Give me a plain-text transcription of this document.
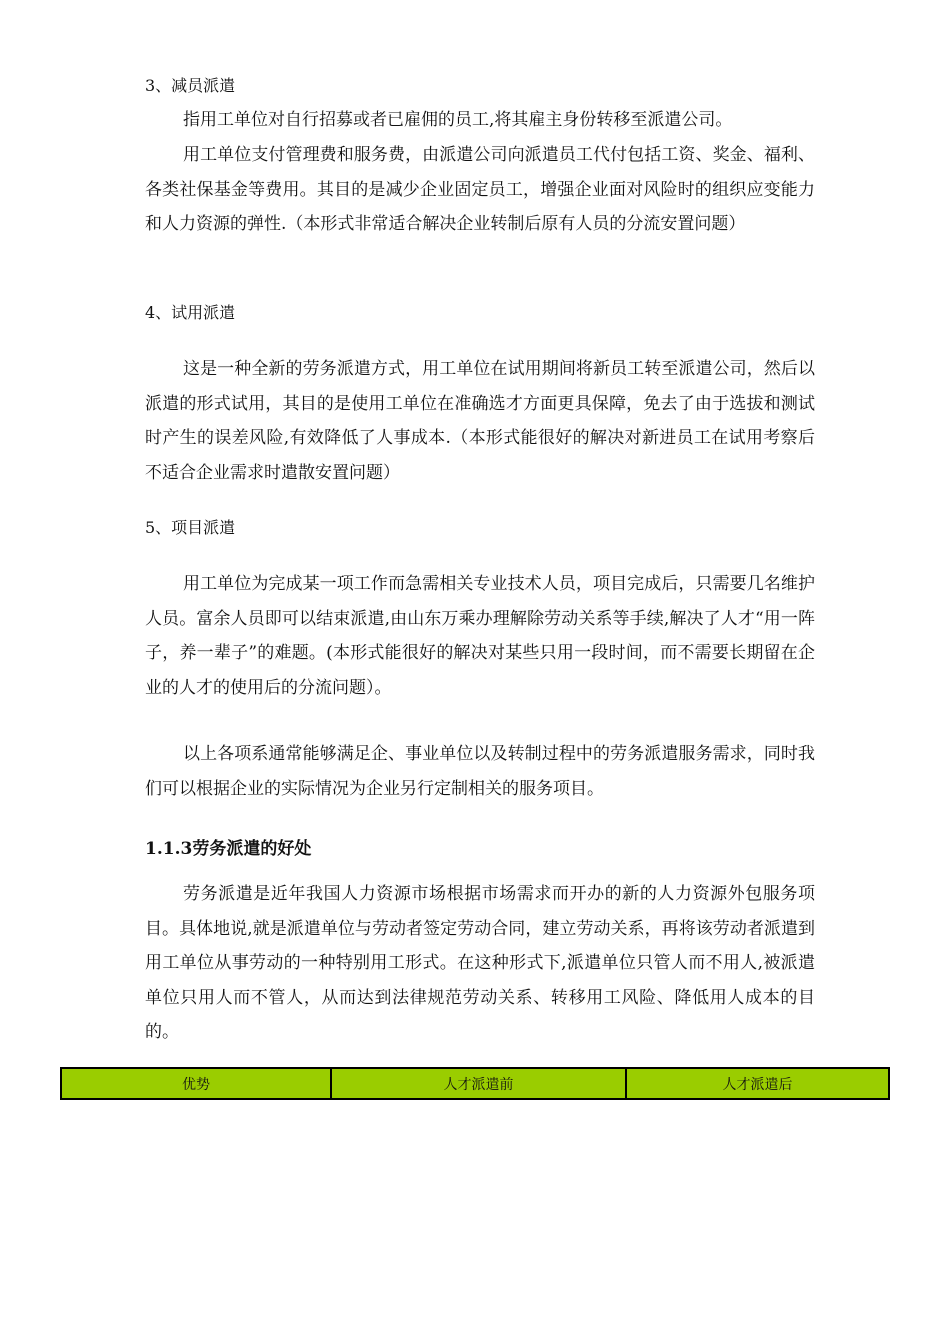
3、减员派遣

指用工单位对自行招募或者已雇佣的员工,将其雇主身份转移至派遣公司。

用工单位支付管理费和服务费，由派遣公司向派遣员工代付包括工资、奖金、福利、各类社保基金等费用。其目的是减少企业固定员工，增强企业面对风险时的组织应变能力和人力资源的弹性.（本形式非常适合解决企业转制后原有人员的分流安置问题）

4、试用派遣

这是一种全新的劳务派遣方式，用工单位在试用期间将新员工转至派遣公司，然后以派遣的形式试用，其目的是使用工单位在准确选才方面更具保障，免去了由于选拔和测试时产生的误差风险,有效降低了人事成本.（本形式能很好的解决对新进员工在试用考察后不适合企业需求时遣散安置问题）

5、项目派遣

用工单位为完成某一项工作而急需相关专业技术人员，项目完成后，只需要几名维护人员。富余人员即可以结束派遣,由山东万乘办理解除劳动关系等手续,解决了人才“用一阵子，养一辈子”的难题。(本形式能很好的解决对某些只用一段时间，而不需要长期留在企业的人才的使用后的分流问题）。

以上各项系通常能够满足企、事业单位以及转制过程中的劳务派遣服务需求，同时我们可以根据企业的实际情况为企业另行定制相关的服务项目。

1.1.3劳务派遣的好处

劳务派遣是近年我国人力资源市场根据市场需求而开办的新的人力资源外包服务项目。具体地说,就是派遣单位与劳动者签定劳动合同，建立劳动关系，再将该劳动者派遣到用工单位从事劳动的一种特别用工形式。在这种形式下,派遣单位只管人而不用人,被派遣单位只用人而不管人，从而达到法律规范劳动关系、转移用工风险、降低用人成本的目的。

优势	人才派遣前	人才派遣后
